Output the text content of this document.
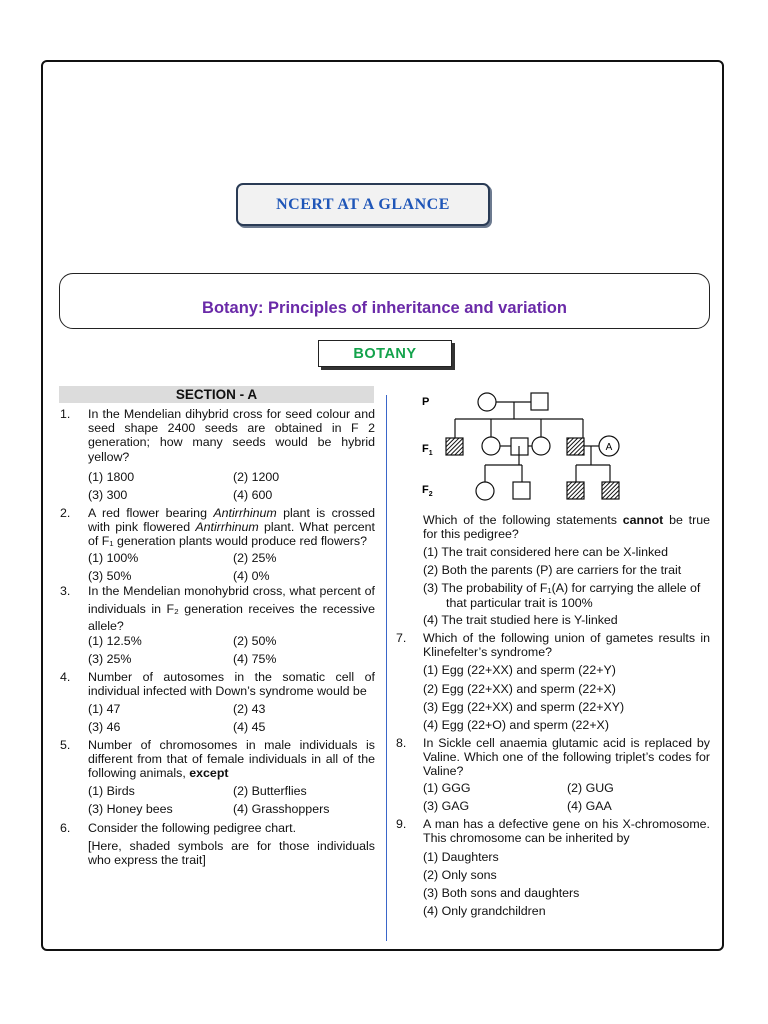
NCERT AT A GLANCE
Botany: Principles of inheritance and variation
BOTANY
SECTION - A
1. In the Mendelian dihybrid cross for seed colour and seed shape 2400 seeds are obtained in F 2 generation; how many seeds would be hybrid yellow?
(1) 1800	(2) 1200
(3) 300	(4) 600
2. A red flower bearing Antirrhinum plant is crossed with pink flowered Antirrhinum plant. What percent of F₁ generation plants would produce red flowers?
(1) 100%	(2) 25%
(3) 50%	(4) 0%
3. In the Mendelian monohybrid cross, what percent of individuals in F₂ generation receives the recessive allele?
(1) 12.5%	(2) 50%
(3) 25%	(4) 75%
4. Number of autosomes in the somatic cell of individual infected with Down’s syndrome would be
(1) 47	(2) 43
(3) 46	(4) 45
5. Number of chromosomes in male individuals is different from that of female individuals in all of the following animals, except
(1) Birds	(2) Butterflies
(3) Honey bees	(4) Grasshoppers
6. Consider the following pedigree chart.
[Here, shaded symbols are for those individuals who express the trait]
P
$F_1$
$F_2$
A
Which of the following statements cannot be true for this pedigree?
(1) The trait considered here can be X-linked
(2) Both the parents (P) are carriers for the trait
(3) The probability of F₁(A) for carrying the allele of
that particular trait is 100%
(4) The trait studied here is Y-linked
7. Which of the following union of gametes results in Klinefelter’s syndrome?
(1) Egg (22+XX) and sperm (22+Y)
(2) Egg (22+XX) and sperm (22+X)
(3) Egg (22+XX) and sperm (22+XY)
(4) Egg (22+O) and sperm (22+X)
8. In Sickle cell anaemia glutamic acid is replaced by Valine. Which one of the following triplet’s codes for Valine?
(1) GGG	(2) GUG
(3) GAG	(4) GAA
9. A man has a defective gene on his X-chromosome. This chromosome can be inherited by
(1) Daughters
(2) Only sons
(3) Both sons and daughters
(4) Only grandchildren
